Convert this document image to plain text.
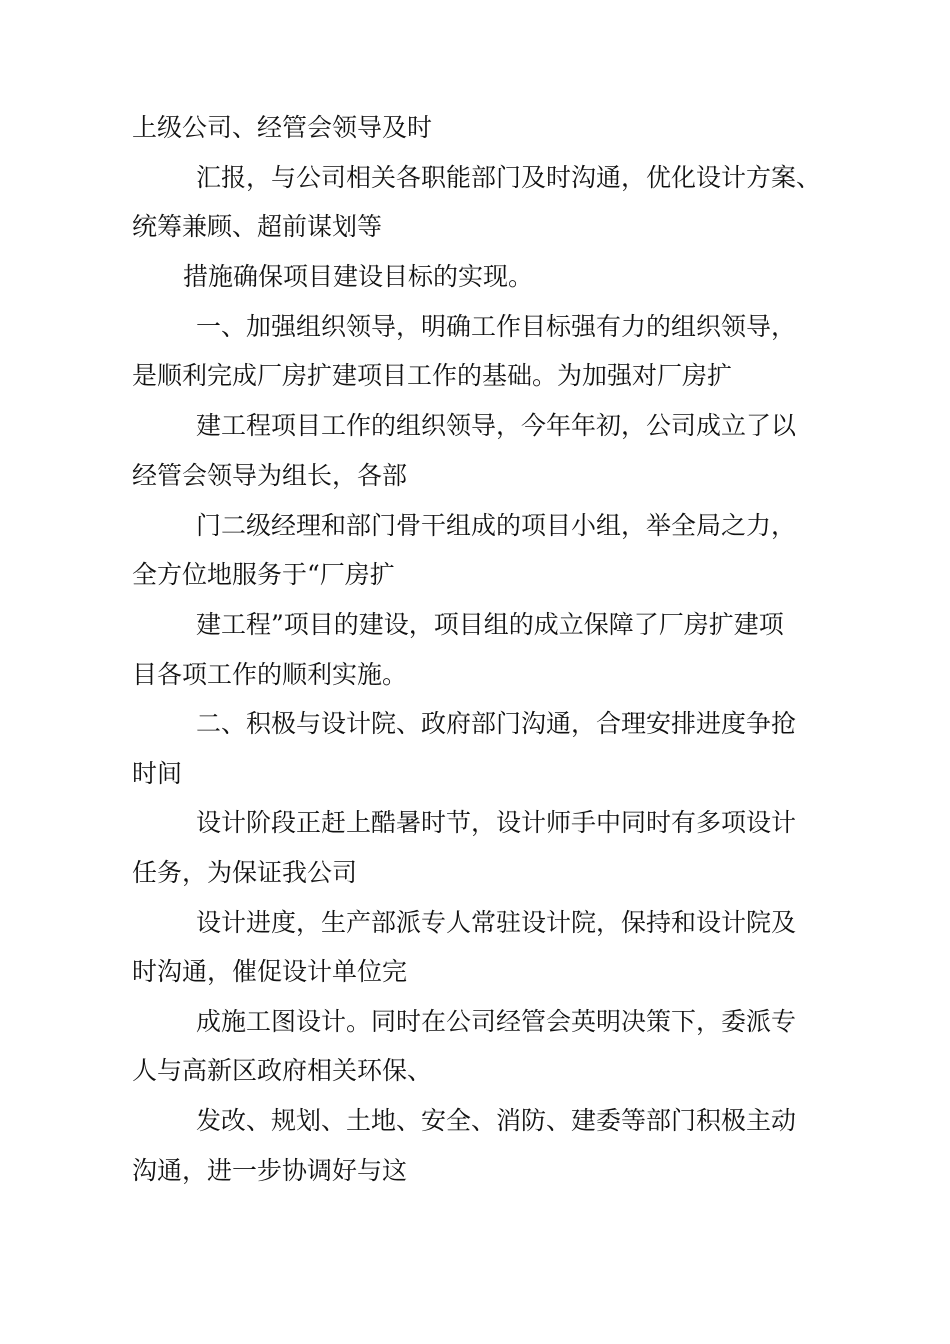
上级公司、经管会领导及时
汇报，与公司相关各职能部门及时沟通，优化设计方案、
统筹兼顾、超前谋划等
措施确保项目建设目标的实现。
一、加强组织领导，明确工作目标强有力的组织领导，
是顺利完成厂房扩建项目工作的基础。为加强对厂房扩
建工程项目工作的组织领导，今年年初，公司成立了以
经管会领导为组长，各部
门二级经理和部门骨干组成的项目小组，举全局之力，
全方位地服务于“厂房扩
建工程”项目的建设，项目组的成立保障了厂房扩建项
目各项工作的顺利实施。
二、积极与设计院、政府部门沟通，合理安排进度争抢
时间
设计阶段正赶上酷暑时节，设计师手中同时有多项设计
任务，为保证我公司
设计进度，生产部派专人常驻设计院，保持和设计院及
时沟通，催促设计单位完
成施工图设计。同时在公司经管会英明决策下，委派专
人与高新区政府相关环保、
发改、规划、土地、安全、消防、建委等部门积极主动
沟通，进一步协调好与这
